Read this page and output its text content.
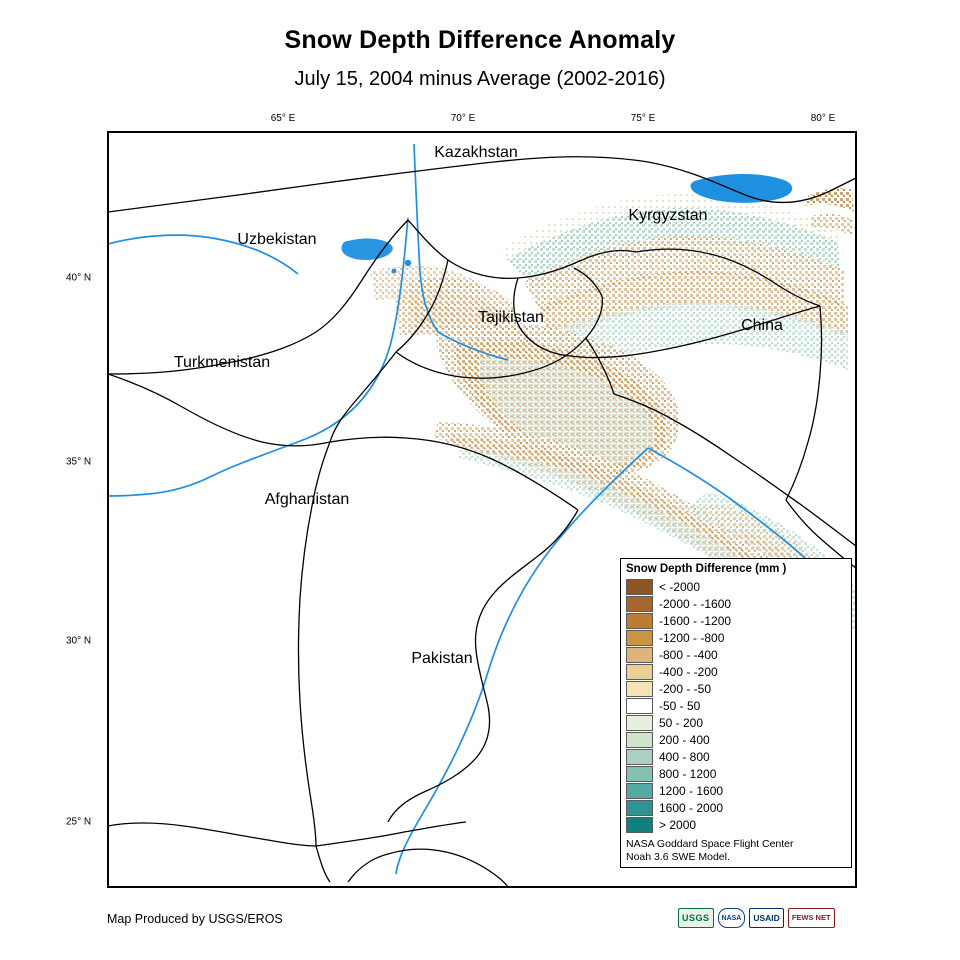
Snow Depth Difference Anomaly
July 15, 2004 minus Average (2002-2016)
65° E	70° E	75° E	80° E
40° N
35° N
30° N
25° N
Kazakhstan
Uzbekistan
Kyrgyzstan
Tajikistan	China
Turkmenistan
Afghanistan
Pakistan
Snow Depth Difference (mm )
< -2000
-2000 - -1600
-1600 - -1200
-1200 - -800
-800 - -400
-400 - -200
-200 - -50
-50 - 50
50 - 200
200 - 400
400 - 800
800 - 1200
1200 - 1600
1600 - 2000
> 2000
NASA Goddard Space Flight Center
Noah 3.6 SWE Model.
Map Produced by USGS/EROS	USGS	NASA	USAID	FEWS NET
